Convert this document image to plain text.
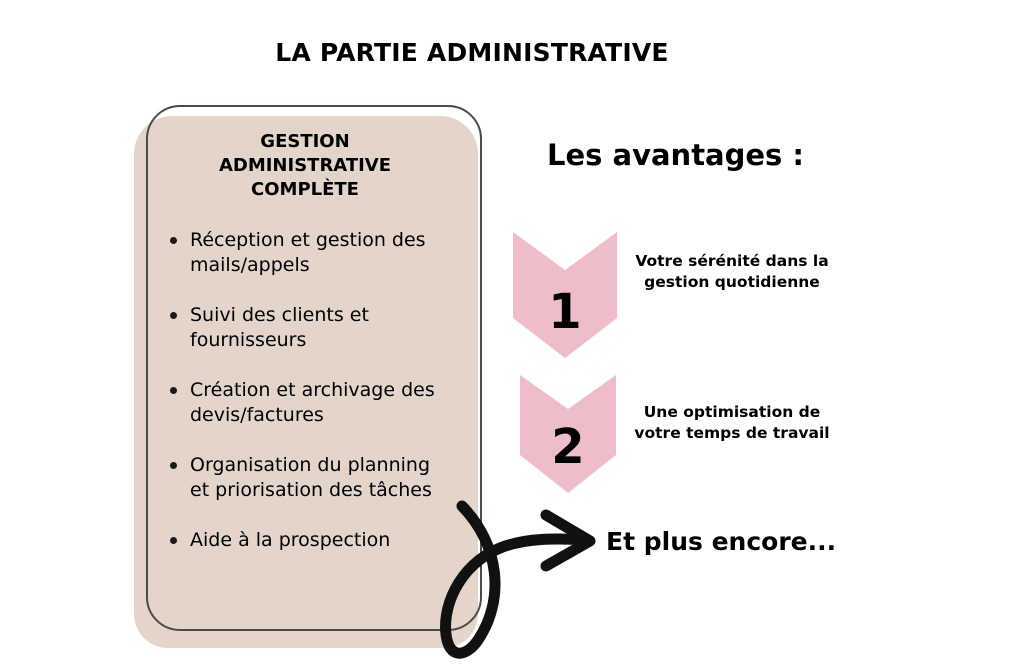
LA PARTIE ADMINISTRATIVE
GESTION
ADMINISTRATIVE
COMPLÈTE
Réception et gestion des
mails/appels
Suivi des clients et
fournisseurs
Création et archivage des
devis/factures
Organisation du planning
et priorisation des tâches
Aide à la prospection
Les avantages :
1
Votre sérénité dans la
gestion quotidienne
2
Une optimisation de
votre temps de travail
Et plus encore...
